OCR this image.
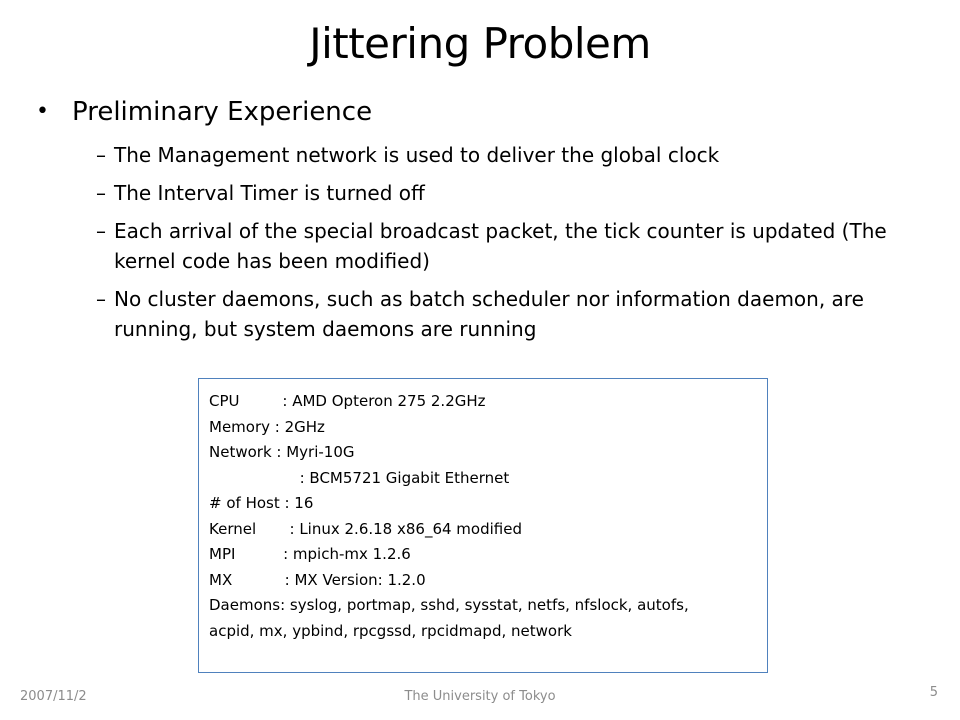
Jittering Problem
• Preliminary Experience
– The Management network is used to deliver the global clock
– The Interval Timer is turned off
– Each arrival of the special broadcast packet, the tick counter is updated (The kernel code has been modified)
– No cluster daemons, such as batch scheduler nor information daemon, are running, but system daemons are running
CPU         : AMD Opteron 275 2.2GHz
Memory : 2GHz
Network : Myri-10G
: BCM5721 Gigabit Ethernet
# of Host : 16
Kernel       : Linux 2.6.18 x86_64 modified
MPI          : mpich-mx 1.2.6
MX           : MX Version: 1.2.0
Daemons: syslog, portmap, sshd, sysstat, netfs, nfslock, autofs,
acpid, mx, ypbind, rpcgssd, rpcidmapd, network
2007/11/2	The University of Tokyo	5
